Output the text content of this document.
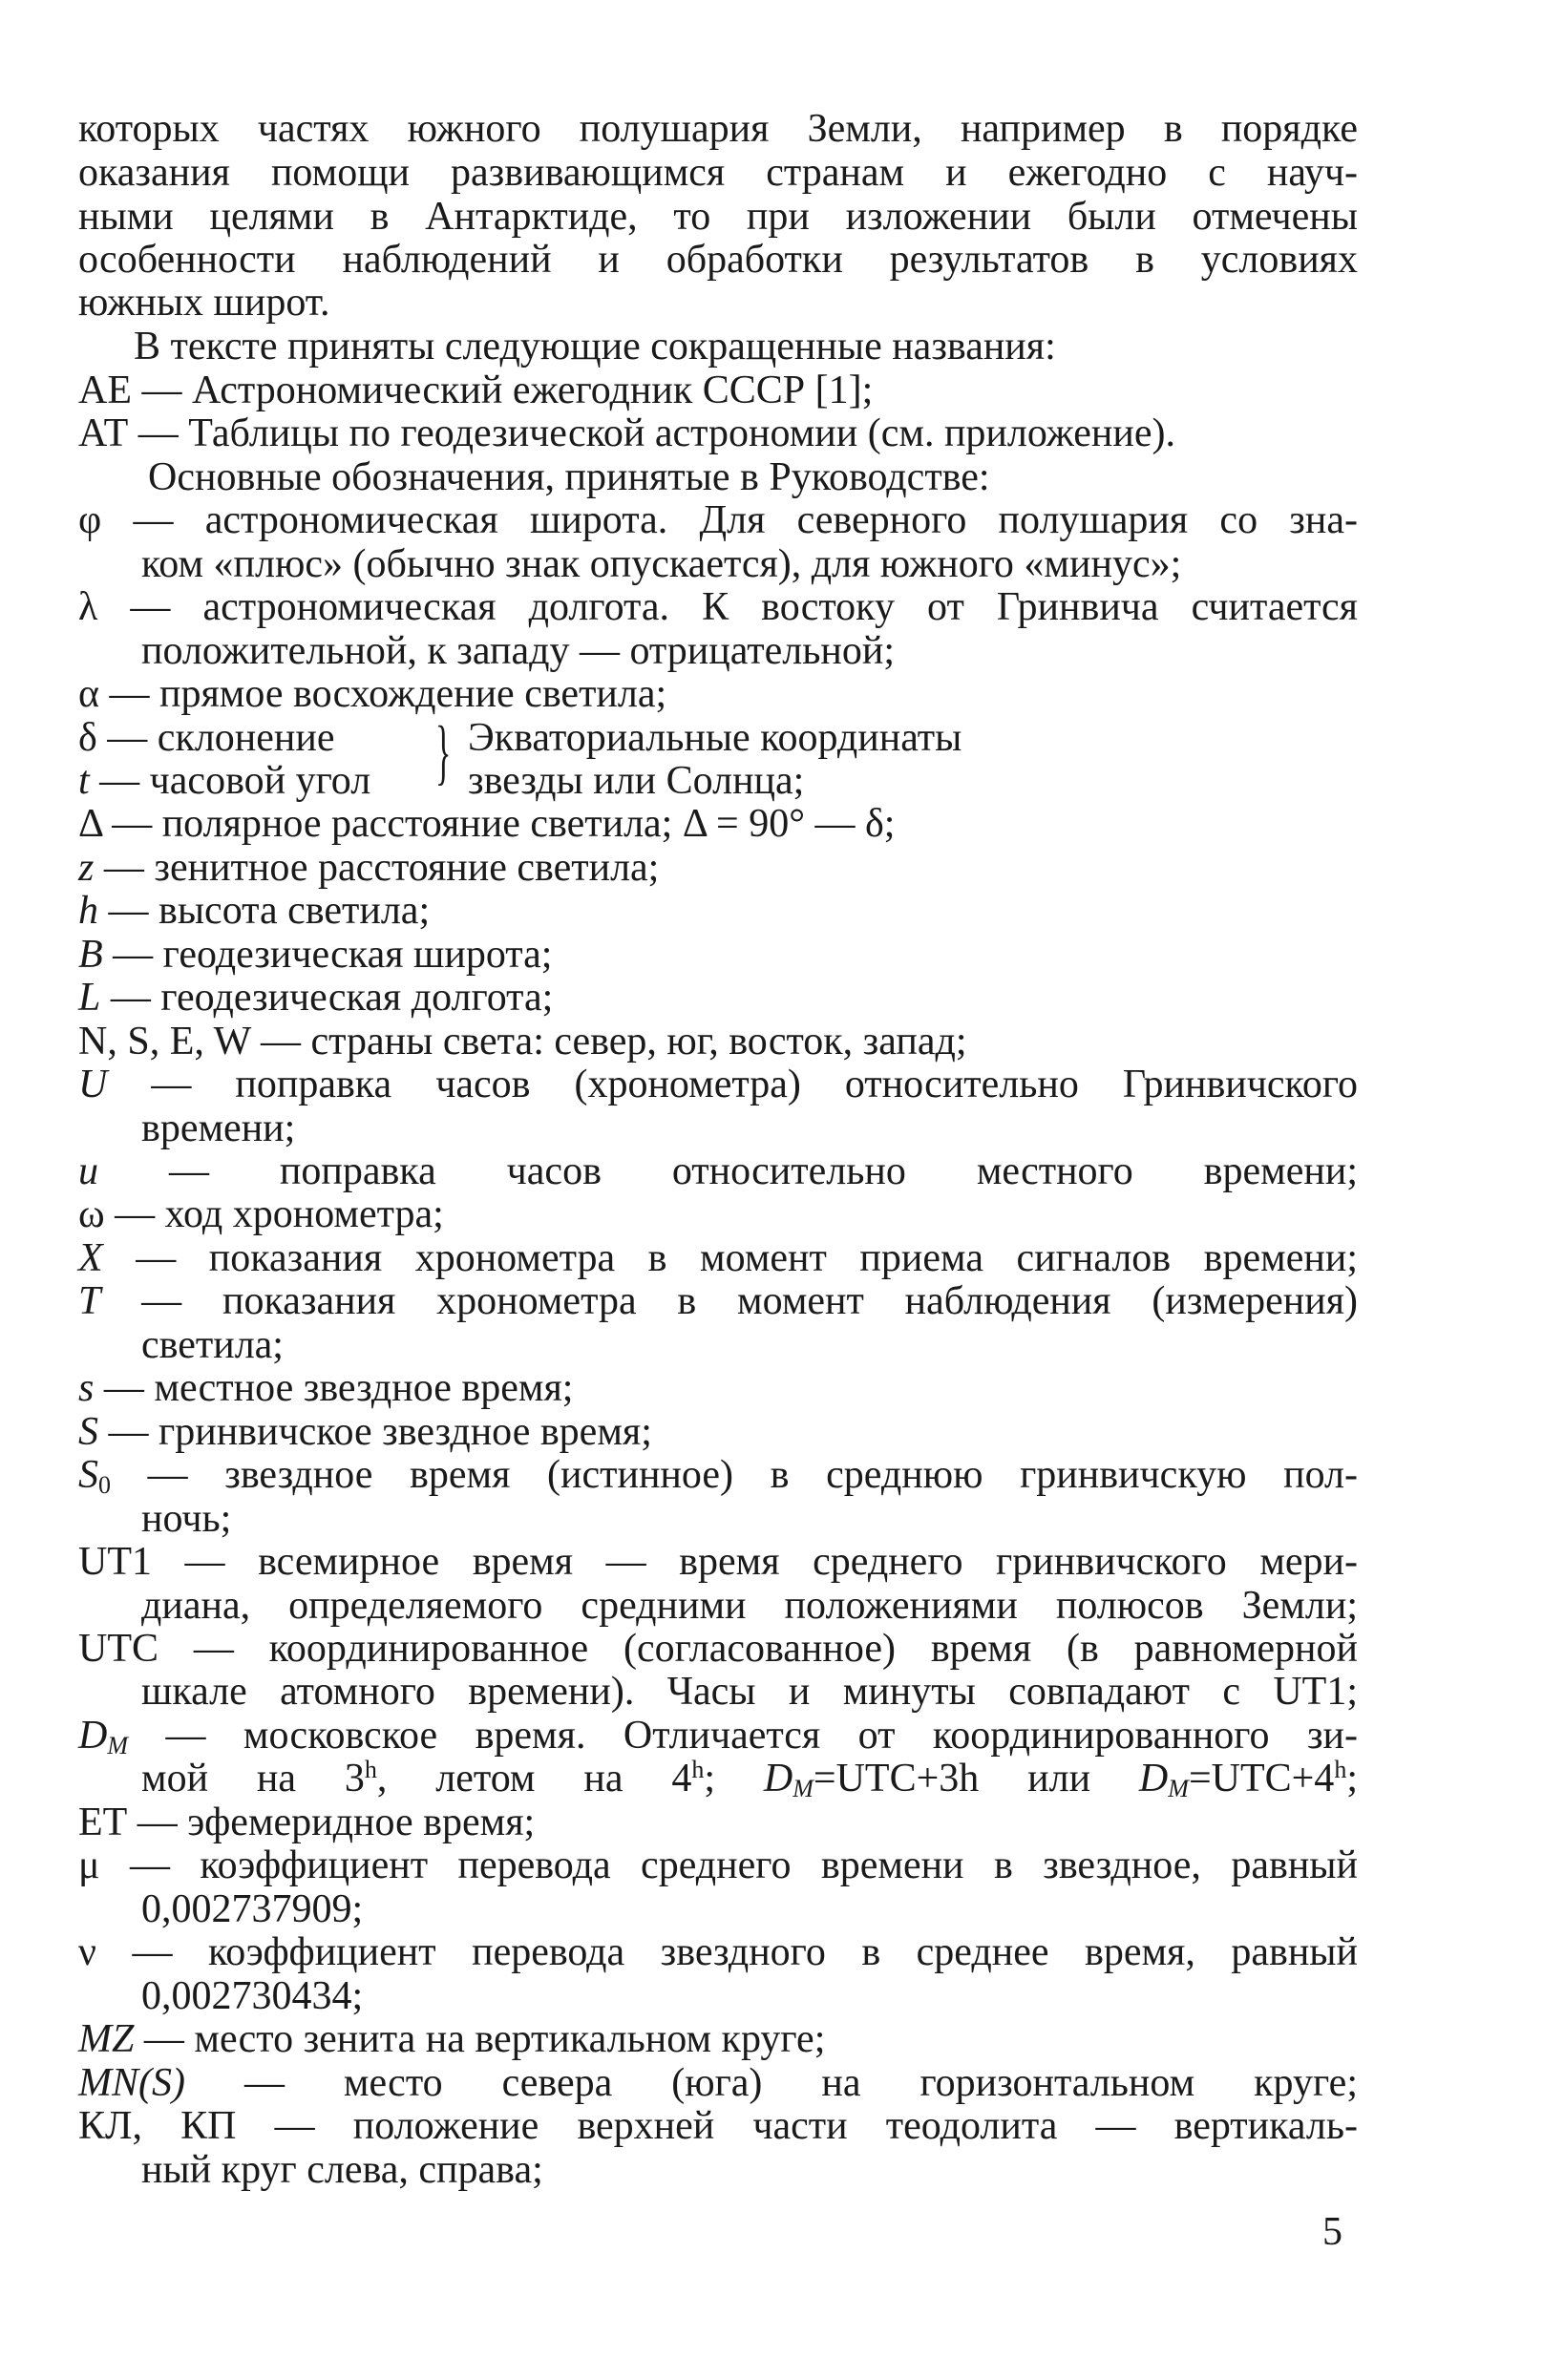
которых частях южного полушария Земли, например в порядке
оказания помощи развивающимся странам и ежегодно с науч-
ными целями в Антарктиде, то при изложении были отмечены
особенности наблюдений и обработки результатов в условиях
южных широт.
В тексте приняты следующие сокращенные названия:
АЕ — Астрономический ежегодник СССР [1];
АТ — Таблицы по геодезической астрономии (см. приложение).
Основные обозначения, принятые в Руководстве:
φ — астрономическая широта. Для северного полушария со зна-
ком «плюс» (обычно знак опускается), для южного «минус»;
λ — астрономическая долгота. К востоку от Гринвича считается
положительной, к западу — отрицательной;
α — прямое восхождение светила;
δ — склонение
t — часовой угол } Экваториальные координаты
звезды или Солнца;
Δ — полярное расстояние светила; Δ = 90° — δ;
z — зенитное расстояние светила;
h — высота светила;
B — геодезическая широта;
L — геодезическая долгота;
N, S, E, W — страны света: север, юг, восток, запад;
U — поправка часов (хронометра) относительно Гринвичского
времени;
u — поправка часов относительно местного времени;
ω — ход хронометра;
X — показания хронометра в момент приема сигналов времени;
T — показания хронометра в момент наблюдения (измерения)
светила;
s — местное звездное время;
S — гринвичское звездное время;
$S_0$ — звездное время (истинное) в среднюю гринвичскую пол-
ночь;
UT1 — всемирное время — время среднего гринвичского мери-
диана, определяемого средними положениями полюсов Земли;
UTC — координированное (согласованное) время (в равномерной
шкале атомного времени). Часы и минуты совпадают с UT1;
$D_M$ — московское время. Отличается от координированного зи-
мой на 3$^h$, летом на 4$^h$; $D_M=UTC+3h$ или $D_M=UTC+4^h$;
ЕТ — эфемеридное время;
μ — коэффициент перевода среднего времени в звездное, равный
0,002737909;
ν — коэффициент перевода звездного в среднее время, равный
0,002730434;
MZ — место зенита на вертикальном круге;
MN(S) — место севера (юга) на горизонтальном круге;
КЛ, КП — положение верхней части теодолита — вертикаль-
ный круг слева, справа;
5
